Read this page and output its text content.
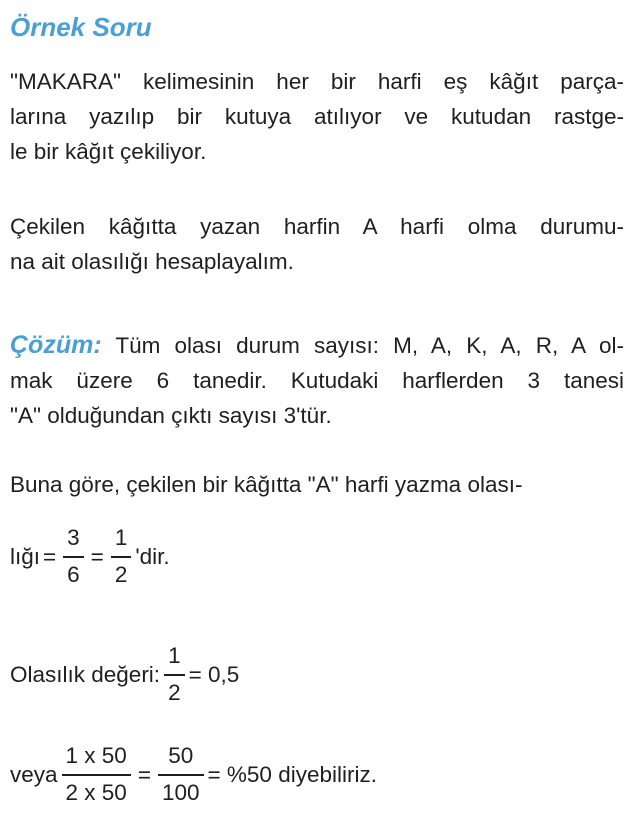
Örnek Soru
"MAKARA" kelimesinin her bir harfi eş kâğıt parça-
larına yazılıp bir kutuya atılıyor ve kutudan rastge-
le bir kâğıt çekiliyor.
Çekilen kâğıtta yazan harfin A harfi olma durumu-
na ait olasılığı hesaplayalım.
Çözüm: Tüm olası durum sayısı: M, A, K, A, R, A ol-
mak üzere 6 tanedir. Kutudaki harflerden 3 tanesi
"A" olduğundan çıktı sayısı 3'tür.
Buna göre, çekilen bir kâğıtta "A" harfi yazma olası-
lığı = $\frac{3}{6} = \frac{1}{2}$ 'dir.
Olasılık değeri: $\frac{1}{2} = 0,5$
veya $\frac{1 x 50}{2 x 50} = \frac{50}{100} = \%50$ diyebiliriz.
